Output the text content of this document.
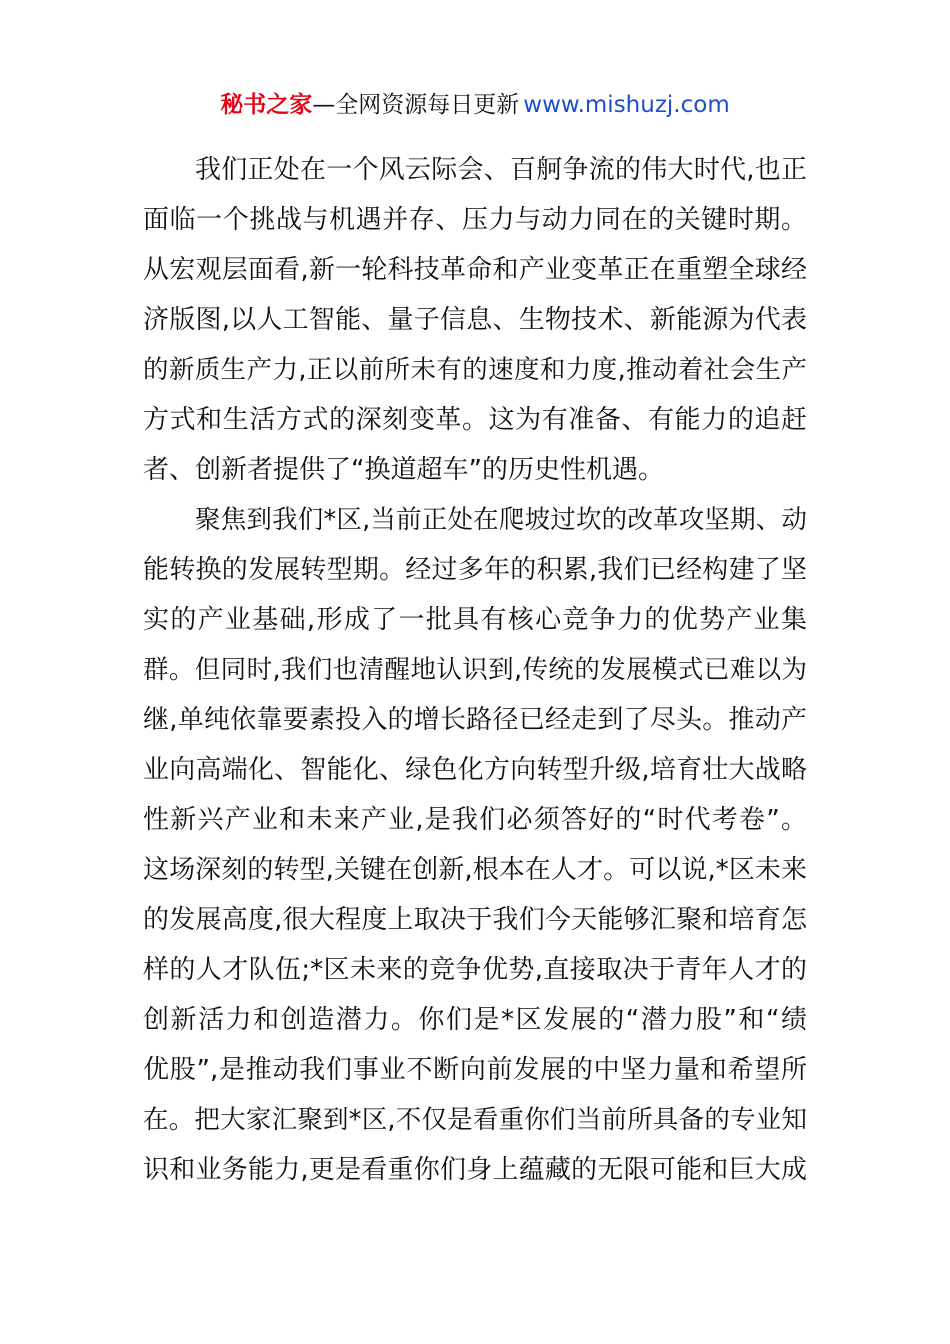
秘书之家—全网资源每日更新 www.mishuzj.com
我们正处在一个风云际会、百舸争流的伟大时代,也正
面临一个挑战与机遇并存、压力与动力同在的关键时期。
从宏观层面看,新一轮科技革命和产业变革正在重塑全球经
济版图,以人工智能、量子信息、生物技术、新能源为代表
的新质生产力,正以前所未有的速度和力度,推动着社会生产
方式和生活方式的深刻变革。这为有准备、有能力的追赶
者、创新者提供了“换道超车”的历史性机遇。
聚焦到我们*区,当前正处在爬坡过坎的改革攻坚期、动
能转换的发展转型期。经过多年的积累,我们已经构建了坚
实的产业基础,形成了一批具有核心竞争力的优势产业集
群。但同时,我们也清醒地认识到,传统的发展模式已难以为
继,单纯依靠要素投入的增长路径已经走到了尽头。推动产
业向高端化、智能化、绿色化方向转型升级,培育壮大战略
性新兴产业和未来产业,是我们必须答好的“时代考卷”。
这场深刻的转型,关键在创新,根本在人才。可以说,*区未来
的发展高度,很大程度上取决于我们今天能够汇聚和培育怎
样的人才队伍;*区未来的竞争优势,直接取决于青年人才的
创新活力和创造潜力。你们是*区发展的“潜力股”和“绩
优股”,是推动我们事业不断向前发展的中坚力量和希望所
在。把大家汇聚到*区,不仅是看重你们当前所具备的专业知
识和业务能力,更是看重你们身上蕴藏的无限可能和巨大成
